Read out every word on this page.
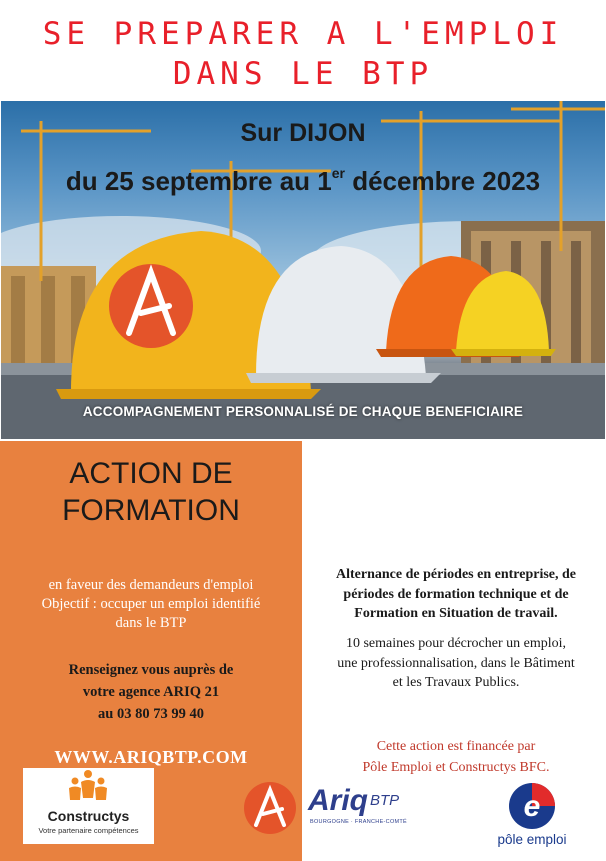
SE PREPARER A L'EMPLOI
DANS LE BTP
Sur DIJON
du 25 septembre au 1er décembre 2023
ACCOMPAGNEMENT PERSONNALISÉ DE CHAQUE BENEFICIAIRE
ACTION DE
FORMATION
en faveur des demandeurs d'emploi
Objectif : occuper un emploi identifié
dans le BTP
Renseignez vous auprès de
votre agence ARIQ 21
au 03 80 73 99 40
WWW.ARIQBTP.COM
Alternance de périodes en entreprise, de
périodes de formation technique et de
Formation en Situation de travail.
10 semaines pour décrocher un emploi,
une professionnalisation, dans le Bâtiment
et les Travaux Publics.
Cette action est financée par
Pôle Emploi et Constructys BFC.
Constructys
Votre partenaire compétences
Ariq BTP
BOURGOGNE · FRANCHE-COMTÉ	e
pôle emploi
